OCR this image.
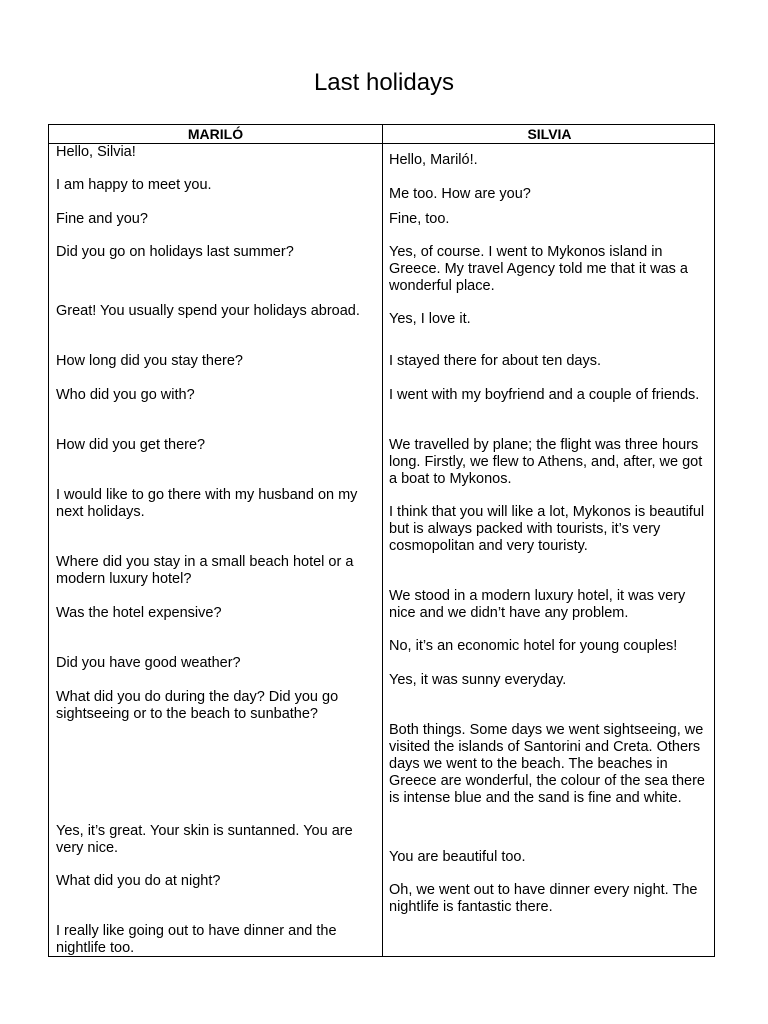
Last holidays
MARILÓ	SILVIA
Hello, Silvia!
I am happy to meet you.
Fine and you?
Did you go on holidays last summer?
Great! You usually spend your holidays abroad.
How long did you stay there?
Who did you go with?
How did you get there?
I would like to go there with my husband on my next holidays.
Where did you stay in a small beach hotel or a modern luxury hotel?
Was the hotel expensive?
Did you have good weather?
What did you do during the day? Did you go sightseeing or to the beach to sunbathe?
Yes, it’s great. Your skin is suntanned. You are very nice.
What did you do at night?
I really like going out to have dinner and the nightlife too.
Hello, Mariló!.
Me too. How are you?
Fine, too.
Yes, of course. I went to Mykonos island in Greece. My travel Agency told me that it was a wonderful place.
Yes, I love it.
I stayed there for about ten days.
I went with my boyfriend and a couple of friends.
We travelled by plane; the flight was three hours long. Firstly, we flew to Athens, and, after, we got a boat to Mykonos.
I think that you will like a lot, Mykonos is beautiful but is always packed with tourists, it’s very cosmopolitan and very touristy.
We stood in a modern luxury hotel, it was very nice and we didn’t have any problem.
No, it’s an economic hotel for young couples!
Yes, it was sunny everyday.
Both things. Some days we went sightseeing, we visited the islands of Santorini and Creta. Others days we went to the beach. The beaches in Greece are wonderful, the colour of the sea there is intense blue and the sand is fine and white.
You are beautiful too.
Oh, we went out to have dinner every night. The nightlife is fantastic there.
